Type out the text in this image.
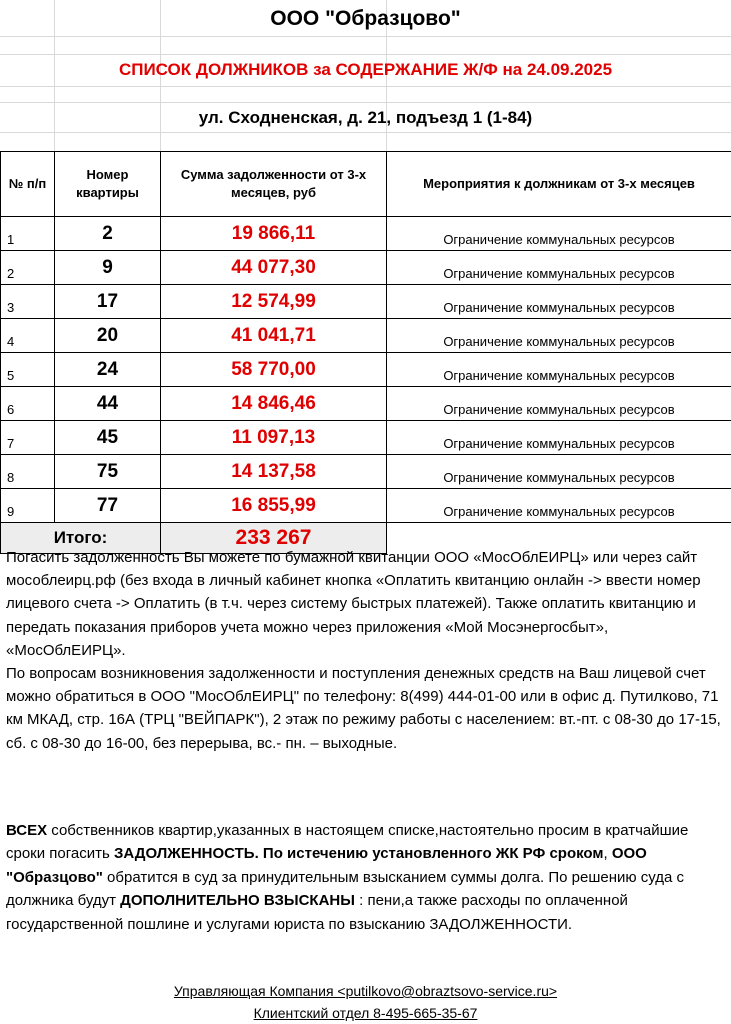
ООО "Образцово"
СПИСОК ДОЛЖНИКОВ за СОДЕРЖАНИЕ Ж/Ф на 24.09.2025
ул. Сходненская, д. 21, подъезд 1 (1-84)
№ п/п	Номер квартиры	Сумма задолженности от 3-х месяцев, руб	Мероприятия к должникам от 3-х месяцев
1	2	19 866,11	Ограничение коммунальных ресурсов
2	9	44 077,30	Ограничение коммунальных ресурсов
3	17	12 574,99	Ограничение коммунальных ресурсов
4	20	41 041,71	Ограничение коммунальных ресурсов
5	24	58 770,00	Ограничение коммунальных ресурсов
6	44	14 846,46	Ограничение коммунальных ресурсов
7	45	11 097,13	Ограничение коммунальных ресурсов
8	75	14 137,58	Ограничение коммунальных ресурсов
9	77	16 855,99	Ограничение коммунальных ресурсов
Итого:		233 267	

Погасить задолженность Вы можете по бумажной квитанции ООО «МосОблЕИРЦ» или через сайт мособлеирц.рф (без входа в личный кабинет кнопка «Оплатить квитанцию онлайн -> ввести номер лицевого счета -> Оплатить (в т.ч. через систему быстрых платежей). Также оплатить квитанцию и передать показания приборов учета можно через приложения «Мой Мосэнергосбыт», «МосОблЕИРЦ».

По вопросам возникновения задолженности и поступления денежных средств на Ваш лицевой счет можно обратиться в ООО "МосОблЕИРЦ" по телефону: 8(499) 444-01-00 или в офис д. Путилково, 71 км МКАД, стр. 16А (ТРЦ "ВЕЙПАРК"), 2 этаж по режиму работы с населением: вт.-пт. с 08-30 до 17-15, сб. с 08-30 до 16-00, без перерыва, вс.- пн. – выходные.

ВСЕХ собственников квартир,указанных в настоящем списке,настоятельно просим в кратчайшие сроки погасить ЗАДОЛЖЕННОСТЬ. По истечению установленного ЖК РФ сроком, ООО "Образцово" обратится в суд за принудительным взысканием суммы долга. По решению суда с должника будут ДОПОЛНИТЕЛЬНО ВЗЫСКАНЫ : пени,а также расходы по оплаченной государственной пошлине и услугами юриста по взысканию ЗАДОЛЖЕННОСТИ.
Управляющая Компания <putilkovo@obraztsovo-service.ru>
Клиентский отдел 8-495-665-35-67
